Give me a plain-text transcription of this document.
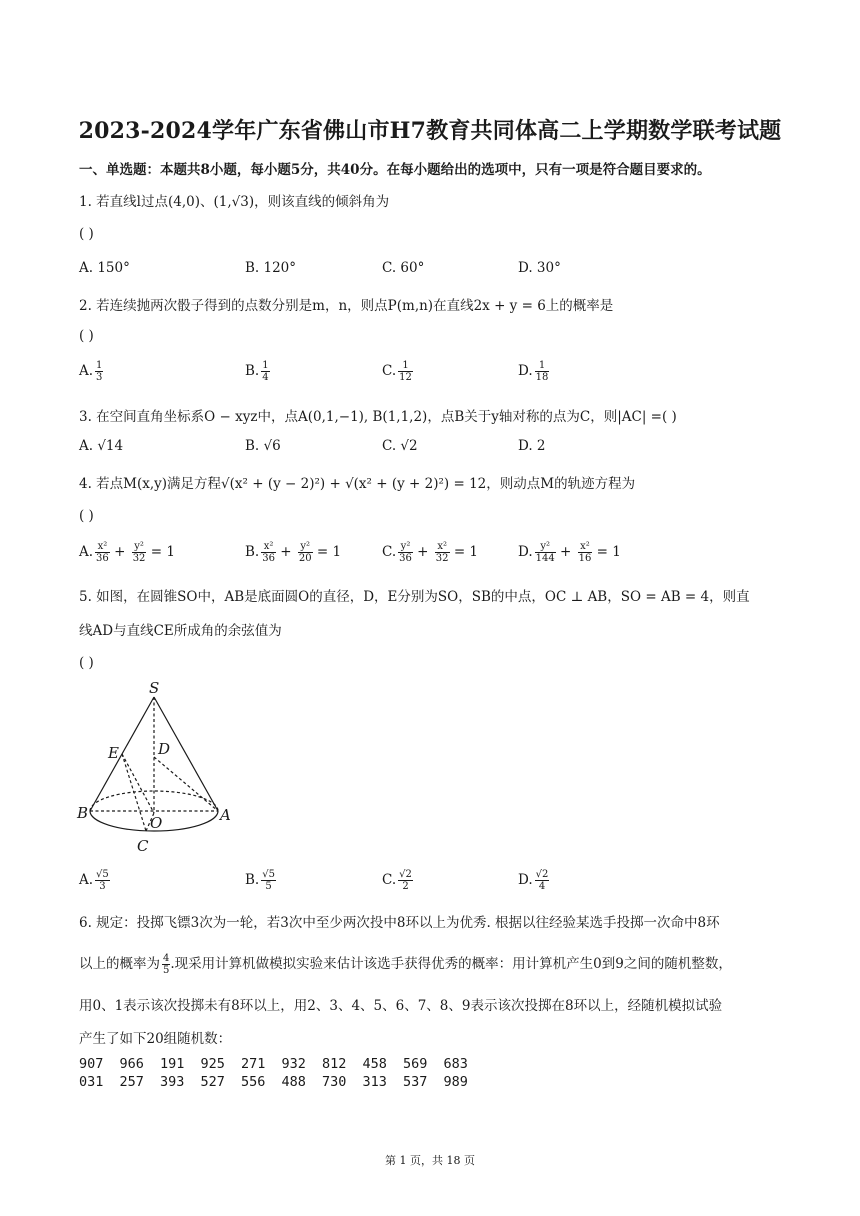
2023-2024学年广东省佛山市H7教育共同体高二上学期数学联考试题
一、单选题：本题共8小题，每小题5分，共40分。在每小题给出的选项中，只有一项是符合题目要求的。
1. 若直线l过点(4,0)、(1,√3)，则该直线的倾斜角为
( )
A. 150°	B. 120°	C. 60°	D. 30°
2. 若连续抛两次骰子得到的点数分别是m，n，则点P(m,n)在直线2x + y = 6上的概率是
( )
A. $\frac{1}{3}$	B. $\frac{1}{4}$	C. $\frac{1}{12}$	D. $\frac{1}{18}$
3. 在空间直角坐标系O − xyz中，点A(0,1,−1), B(1,1,2)，点B关于y轴对称的点为C，则|AC| =( )
A. √14	B. √6	C. √2	D. 2
4. 若点M(x,y)满足方程√(x² + (y − 2)²) + √(x² + (y + 2)²) = 12，则动点M的轨迹方程为
( )
A. $\frac{\text{x²}}{36} + \frac{\text{y²}}{32} = 1$	B. $\frac{\text{x²}}{36} + \frac{\text{y²}}{20} = 1$	C. $\frac{\text{y²}}{36} + \frac{\text{x²}}{32} = 1$	D. $\frac{\text{y²}}{144} + \frac{\text{x²}}{16} = 1$
5. 如图，在圆锥SO中，AB是底面圆O的直径，D，E分别为SO，SB的中点，OC ⊥ AB，SO = AB = 4，则直
线AD与直线CE所成角的余弦值为
( )
S
D
E
B	A
O
C
A. $\frac{√5}{3}$	B. $\frac{√5}{5}$	C. $\frac{√2}{2}$	D. $\frac{√2}{4}$
6. 规定：投掷飞镖3次为一轮，若3次中至少两次投中8环以上为优秀. 根据以往经验某选手投掷一次命中8环
以上的概率为 $\frac{4}{5}$ .现采用计算机做模拟实验来估计该选手获得优秀的概率：用计算机产生0到9之间的随机整数，
用0、1表示该次投掷未有8环以上，用2、3、4、5、6、7、8、9表示该次投掷在8环以上，经随机模拟试验
产生了如下20组随机数：
907 966 191 925 271 932 812 458 569 683
031 257 393 527 556 488 730 313 537 989
第 1 页，共 18 页
